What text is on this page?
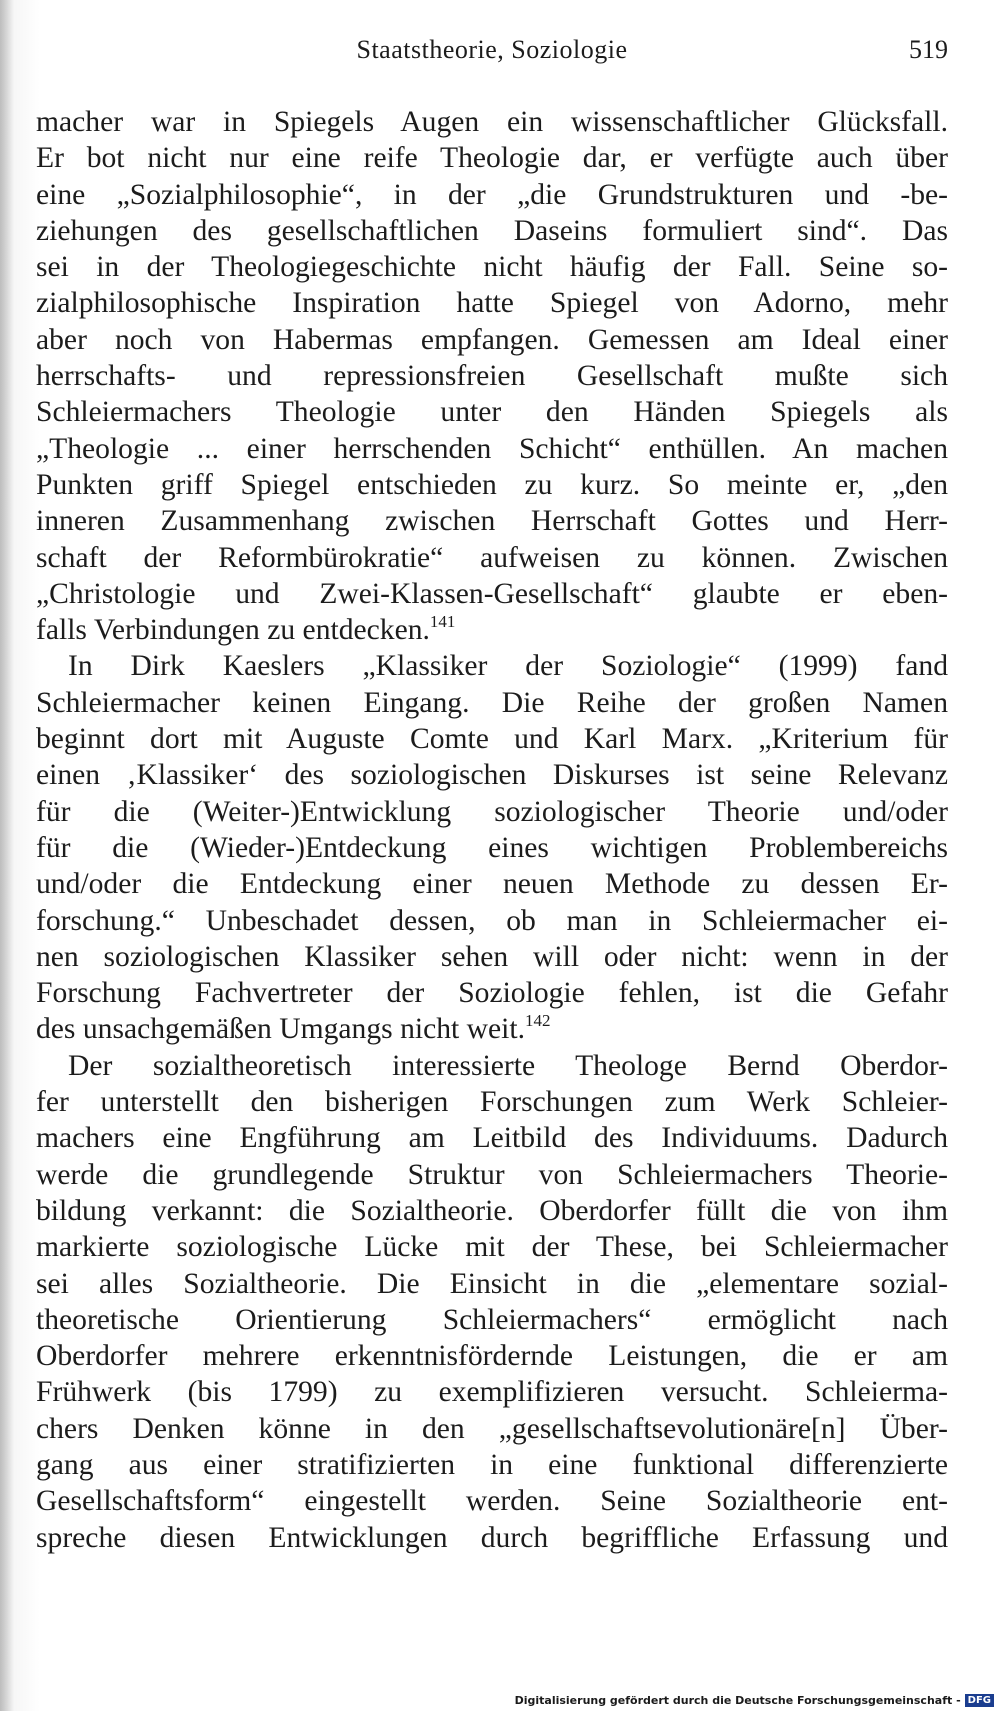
Staatstheorie, Soziologie	519
macher war in Spiegels Augen ein wissenschaftlicher Glücksfall.
Er bot nicht nur eine reife Theologie dar, er verfügte auch über
eine „Sozialphilosophie“, in der „die Grundstrukturen und -be-
ziehungen des gesellschaftlichen Daseins formuliert sind“. Das
sei in der Theologiegeschichte nicht häufig der Fall. Seine so-
zialphilosophische Inspiration hatte Spiegel von Adorno, mehr
aber noch von Habermas empfangen. Gemessen am Ideal einer
herrschafts- und repressionsfreien Gesellschaft mußte sich
Schleiermachers Theologie unter den Händen Spiegels als
„Theologie ... einer herrschenden Schicht“ enthüllen. An machen
Punkten griff Spiegel entschieden zu kurz. So meinte er, „den
inneren Zusammenhang zwischen Herrschaft Gottes und Herr-
schaft der Reformbürokratie“ aufweisen zu können. Zwischen
„Christologie und Zwei-Klassen-Gesellschaft“ glaubte er eben-
falls Verbindungen zu entdecken.$^{141}$
In Dirk Kaeslers „Klassiker der Soziologie“ (1999) fand
Schleiermacher keinen Eingang. Die Reihe der großen Namen
beginnt dort mit Auguste Comte und Karl Marx. „Kriterium für
einen ‚Klassiker‘ des soziologischen Diskurses ist seine Relevanz
für die (Weiter-)Entwicklung soziologischer Theorie und/oder
für die (Wieder-)Entdeckung eines wichtigen Problembereichs
und/oder die Entdeckung einer neuen Methode zu dessen Er-
forschung.“ Unbeschadet dessen, ob man in Schleiermacher ei-
nen soziologischen Klassiker sehen will oder nicht: wenn in der
Forschung Fachvertreter der Soziologie fehlen, ist die Gefahr
des unsachgemäßen Umgangs nicht weit.$^{142}$
Der sozialtheoretisch interessierte Theologe Bernd Oberdor-
fer unterstellt den bisherigen Forschungen zum Werk Schleier-
machers eine Engführung am Leitbild des Individuums. Dadurch
werde die grundlegende Struktur von Schleiermachers Theorie-
bildung verkannt: die Sozialtheorie. Oberdorfer füllt die von ihm
markierte soziologische Lücke mit der These, bei Schleiermacher
sei alles Sozialtheorie. Die Einsicht in die „elementare sozial-
theoretische Orientierung Schleiermachers“ ermöglicht nach
Oberdorfer mehrere erkenntnisfördernde Leistungen, die er am
Frühwerk (bis 1799) zu exemplifizieren versucht. Schleierma-
chers Denken könne in den „gesellschaftsevolutionäre[n] Über-
gang aus einer stratifizierten in eine funktional differenzierte
Gesellschaftsform“ eingestellt werden. Seine Sozialtheorie ent-
spreche diesen Entwicklungen durch begriffliche Erfassung und
Digitalisierung gefördert durch die Deutsche Forschungsgemeinschaft - DFG
